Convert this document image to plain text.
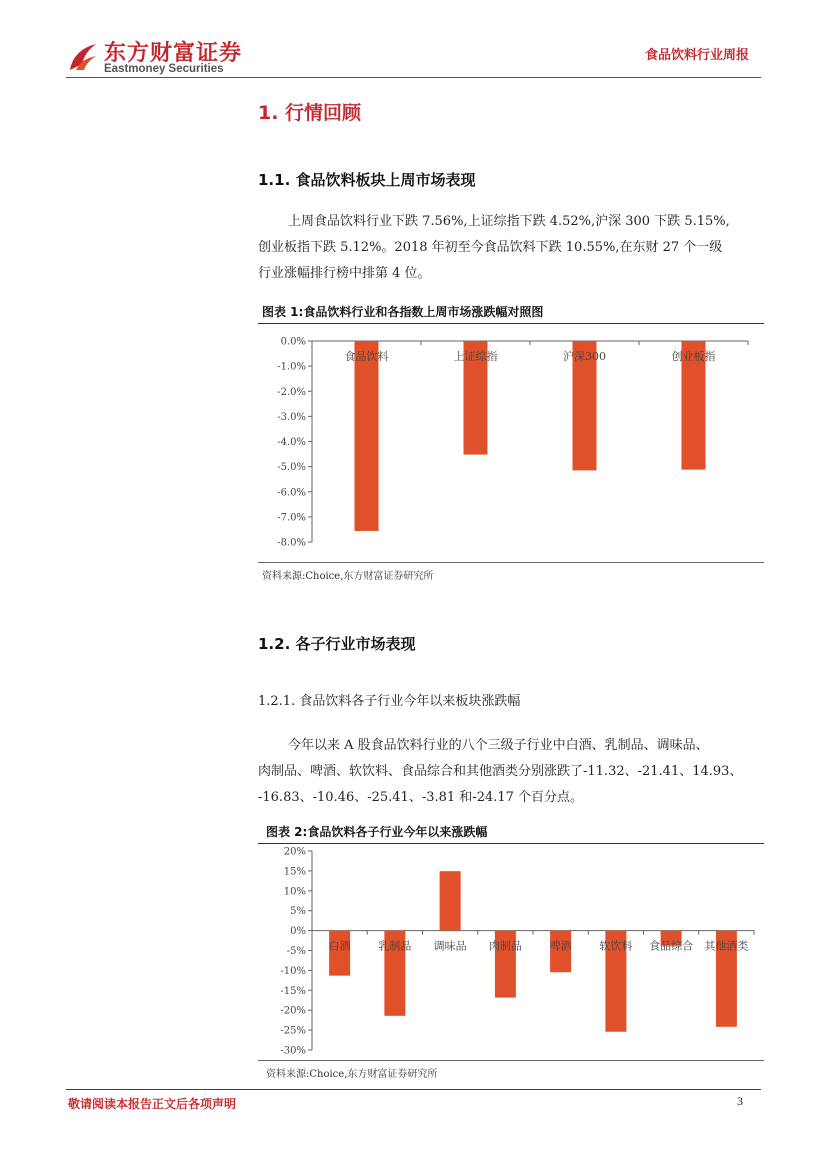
东方财富证券
Eastmoney Securities
食品饮料行业周报
1. 行情回顾
1.1. 食品饮料板块上周市场表现
上周食品饮料行业下跌 7.56%,上证综指下跌 4.52%,沪深 300 下跌 5.15%,
创业板指下跌 5.12%。2018 年初至今食品饮料下跌 10.55%,在东财 27 个一级
行业涨幅排行榜中排第 4 位。
图表 1:食品饮料行业和各指数上周市场涨跌幅对照图
0.0%
-1.0%
-2.0%
-3.0%
-4.0%
-5.0%
-6.0%
-7.0%
-8.0%
食品饮料	上证综指	沪深300	创业板指
资料来源:Choice,东方财富证券研究所
1.2. 各子行业市场表现
1.2.1. 食品饮料各子行业今年以来板块涨跌幅
今年以来 A 股食品饮料行业的八个三级子行业中白酒、乳制品、调味品、
肉制品、啤酒、软饮料、食品综合和其他酒类分别涨跌了-11.32、-21.41、14.93、
-16.83、-10.46、-25.41、-3.81 和-24.17 个百分点。
图表 2:食品饮料各子行业今年以来涨跌幅
20%
15%
10%
5%
0%
-5%
-10%
-15%
-20%
-25%
-30%
白酒	乳制品 调味品 肉制品	啤酒	软饮料 食品综合 其他酒类
资料来源:Choice,东方财富证券研究所
敬请阅读本报告正文后各项声明	3
